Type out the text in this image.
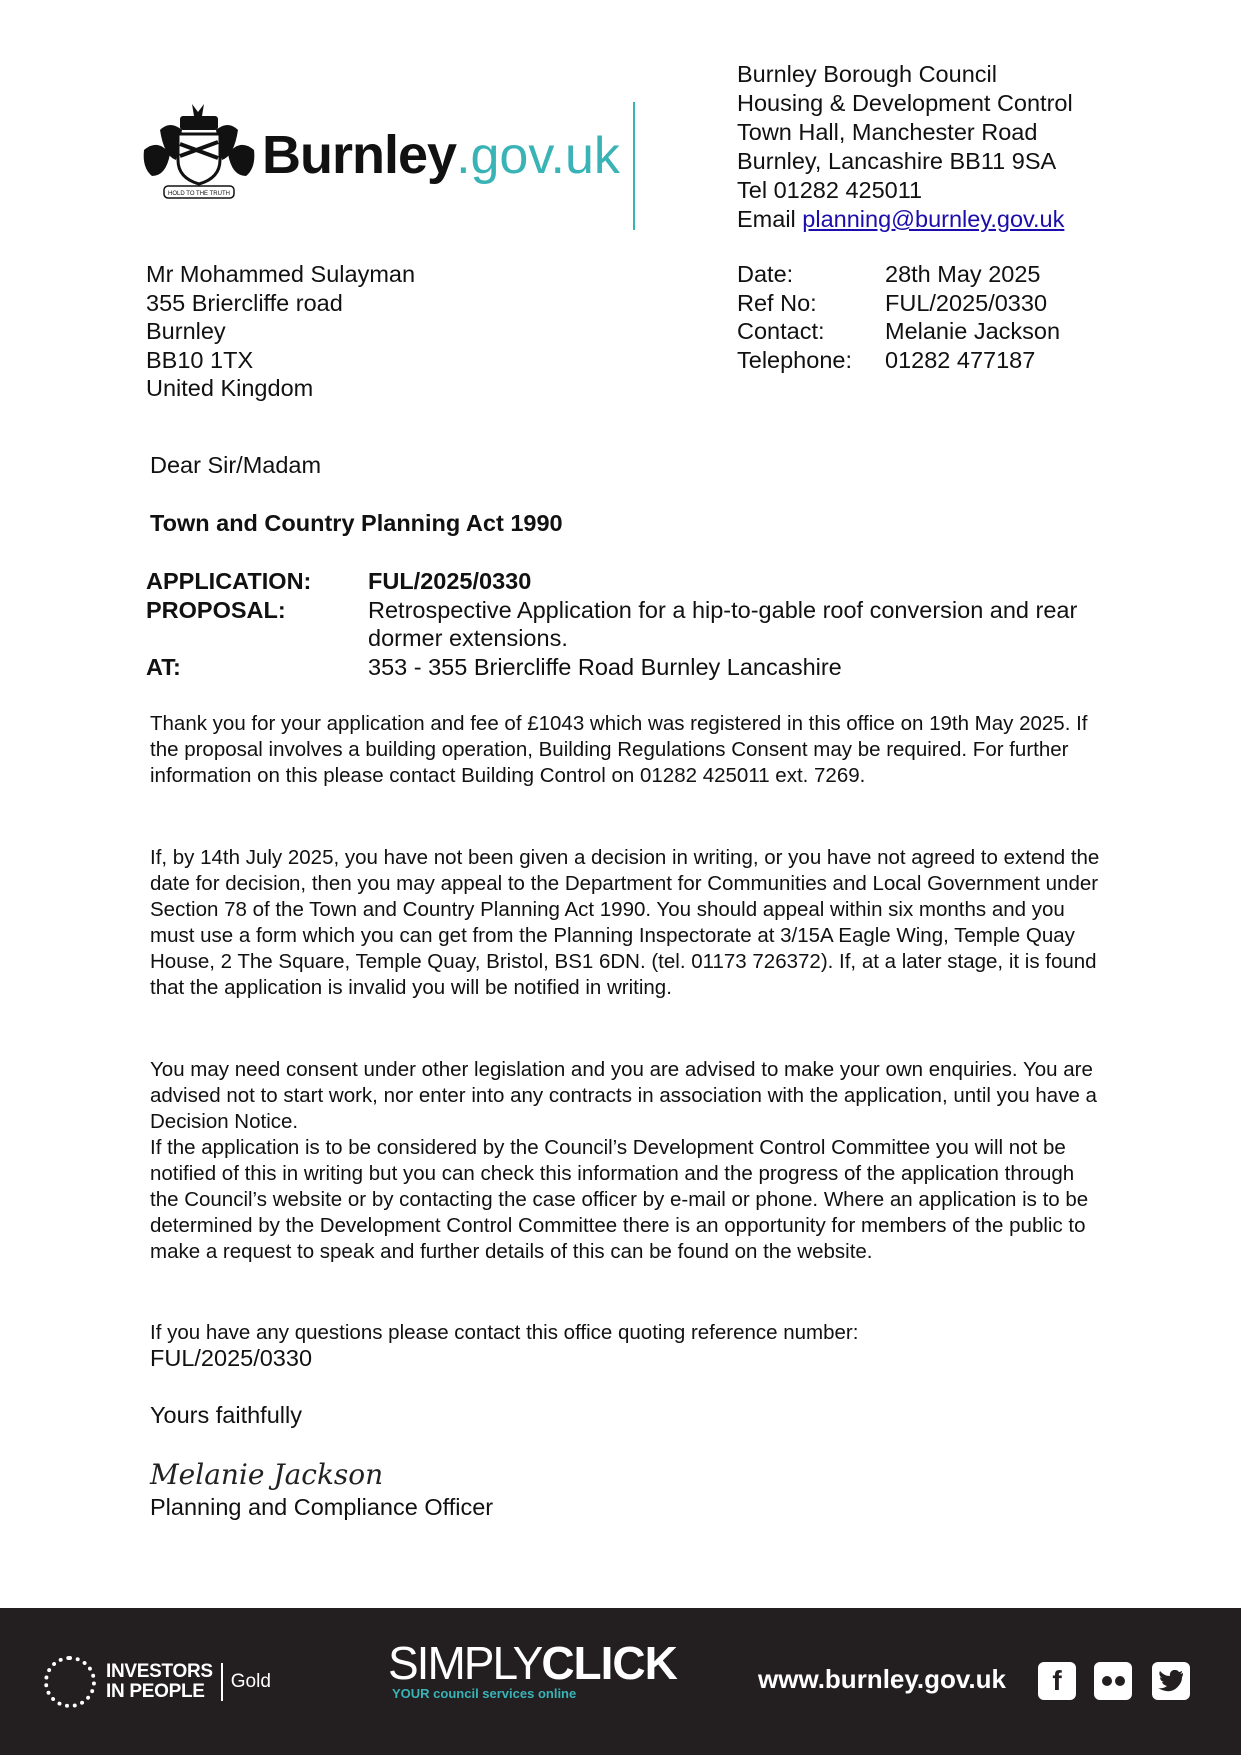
HOLD TO THE TRUTH
Burnley.gov.uk
Burnley Borough Council
Housing & Development Control
Town Hall, Manchester Road
Burnley, Lancashire BB11 9SA
Tel 01282 425011
Email planning@burnley.gov.uk
Mr Mohammed Sulayman
355 Briercliffe road
Burnley
BB10 1TX
United Kingdom
Date:	28th May 2025
Ref No:	FUL/2025/0330
Contact:	Melanie Jackson
Telephone:	01282 477187
Dear Sir/Madam
Town and Country Planning Act 1990
APPLICATION:	FUL/2025/0330
PROPOSAL:	Retrospective Application for a hip-to-gable roof conversion and rear dormer extensions.
AT:	353 - 355 Briercliffe Road Burnley Lancashire
Thank you for your application and fee of £1043 which was registered in this office on 19th May 2025. If the proposal involves a building operation, Building Regulations Consent may be required. For further information on this please contact Building Control on 01282 425011 ext. 7269.
If, by 14th July 2025, you have not been given a decision in writing, or you have not agreed to extend the date for decision, then you may appeal to the Department for Communities and Local Government under Section 78 of the Town and Country Planning Act 1990. You should appeal within six months and you must use a form which you can get from the Planning Inspectorate at 3/15A Eagle Wing, Temple Quay House, 2 The Square, Temple Quay, Bristol, BS1 6DN. (tel. 01173 726372). If, at a later stage, it is found that the application is invalid you will be notified in writing.
You may need consent under other legislation and you are advised to make your own enquiries. You are advised not to start work, nor enter into any contracts in association with the application, until you have a Decision Notice.
If the application is to be considered by the Council’s Development Control Committee you will not be notified of this in writing but you can check this information and the progress of the application through the Council’s website or by contacting the case officer by e-mail or phone. Where an application is to be determined by the Development Control Committee there is an opportunity for members of the public to make a request to speak and further details of this can be found on the website.
If you have any questions please contact this office quoting reference number:
FUL/2025/0330
Yours faithfully
Melanie Jackson
Planning and Compliance Officer
INVESTORS
IN PEOPLE	Gold	SIMPLYCLICK
YOUR council services online	www.burnley.gov.uk	f
